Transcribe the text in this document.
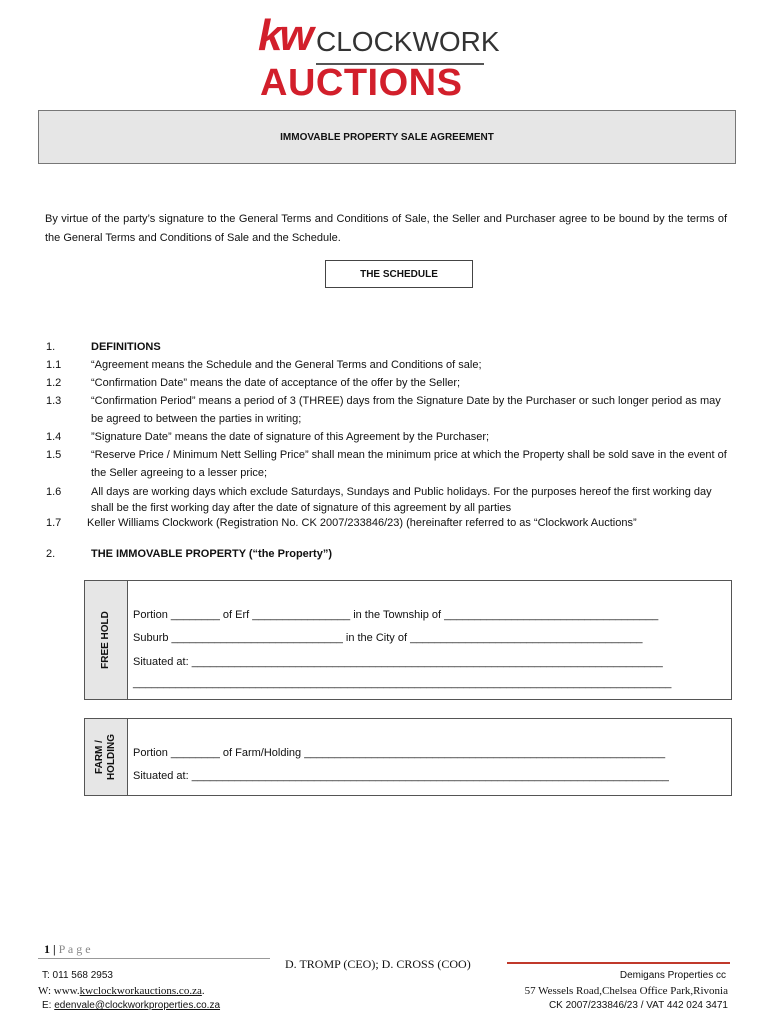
kw CLOCKWORK
AUCTIONS
IMMOVABLE PROPERTY SALE AGREEMENT
By virtue of the party’s signature to the General Terms and Conditions of Sale, the Seller and Purchaser agree to be bound by the terms of the General Terms and Conditions of Sale and the Schedule.
THE SCHEDULE
1.	DEFINITIONS
1.1	“Agreement means the Schedule and the General Terms and Conditions of sale;
1.2	“Confirmation Date” means the date of acceptance of the offer by the Seller;
1.3	“Confirmation Period” means a period of 3 (THREE) days from the Signature Date by the Purchaser or such longer period as may be agreed to between the parties in writing;
1.4	”Signature Date” means the date of signature of this Agreement by the Purchaser;
1.5	“Reserve Price / Minimum Nett Selling Price” shall mean the minimum price at which the Property shall be sold save in the event of the Seller agreeing to a lesser price;
1.6	All days are working days which exclude Saturdays, Sundays and Public holidays. For the purposes hereof the first working day shall be the first working day after the date of signature of this agreement by all parties
1.7 Keller Williams Clockwork (Registration No. CK 2007/233846/23) (hereinafter referred to as “Clockwork Auctions”
2.	THE IMMOVABLE PROPERTY (“the Property”)
FREE HOLD Portion ________ of Erf ________________ in the Township of ___________________________________
Suburb ____________________________ in the City of ______________________________________
Situated at: _____________________________________________________________________________
________________________________________________________________________________________
FARM / HOLDING Portion ________ of Farm/Holding ___________________________________________________________
Situated at: ______________________________________________________________________________
1 | P a g e
D. TROMP (CEO); D. CROSS (COO)
T: 011 568 2953
W: www.kwclockworkauctions.co.za.
E: edenvale@clockworkproperties.co.za
Demigans Properties cc
57 Wessels Road,Chelsea Office Park,Rivonia
CK 2007/233846/23 / VAT 442 024 3471
